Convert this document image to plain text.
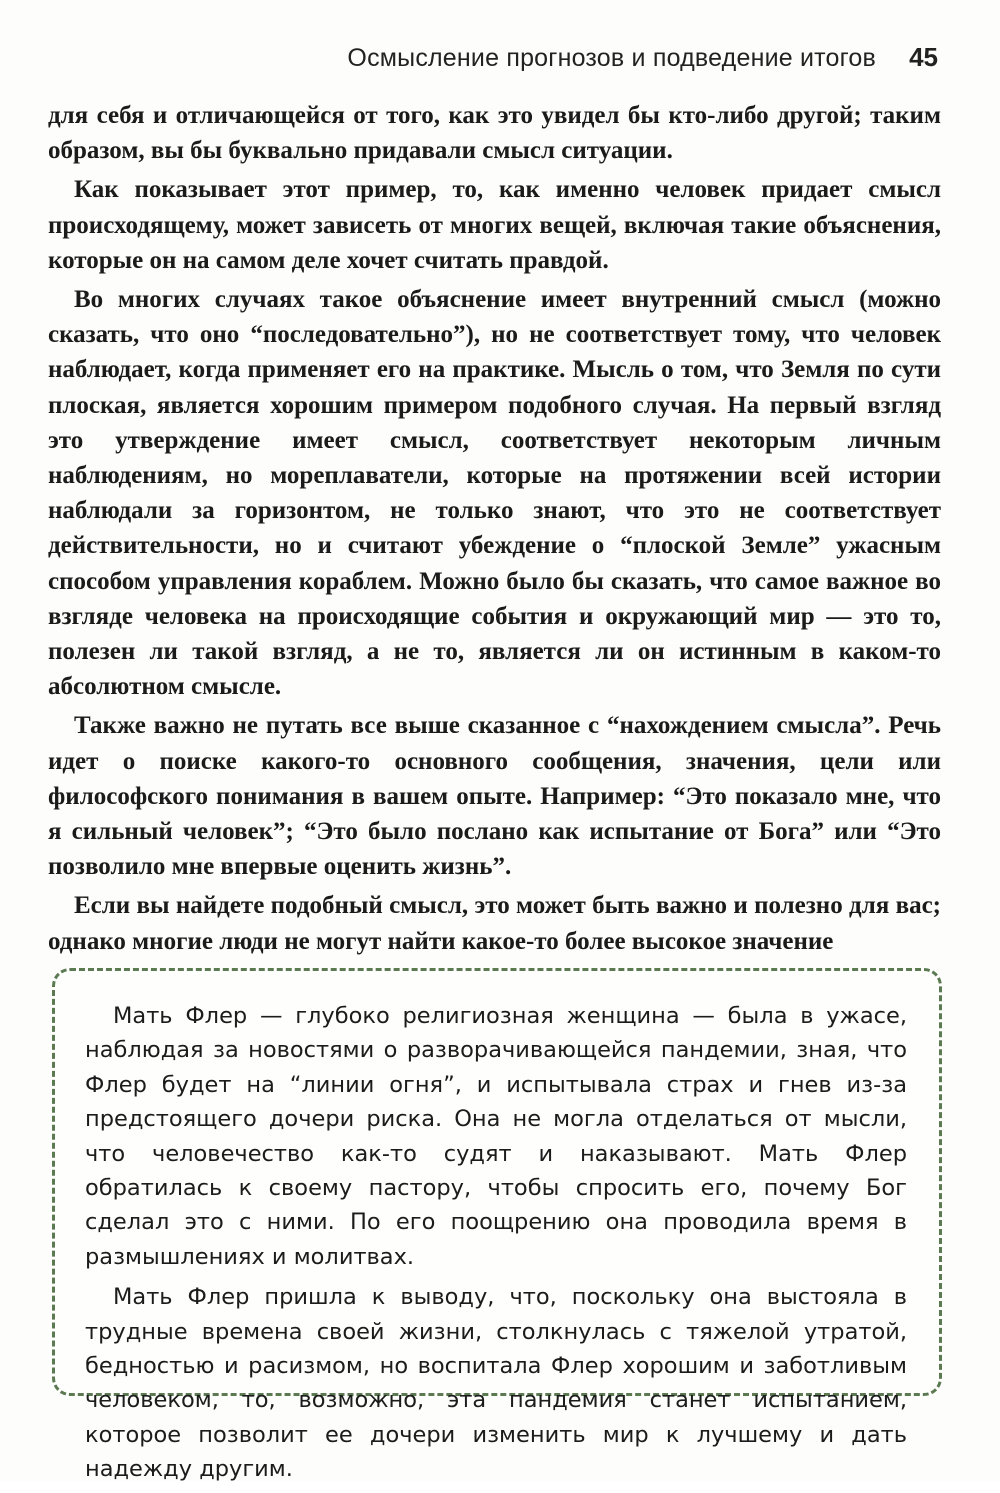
Осмысление прогнозов и подведение итогов 45

для себя и отличающейся от того, как это увидел бы кто-либо другой; таким образом, вы бы буквально придавали смысл ситуации.

Как показывает этот пример, то, как именно человек придает смысл происходящему, может зависеть от многих вещей, включая такие объяснения, которые он на самом деле хочет считать правдой.

Во многих случаях такое объяснение имеет внутренний смысл (можно сказать, что оно “последовательно”), но не соответствует тому, что человек наблюдает, когда применяет его на практике. Мысль о том, что Земля по сути плоская, является хорошим примером подобного случая. На первый взгляд это утверждение имеет смысл, соответствует некоторым личным наблюдениям, но мореплаватели, которые на протяжении всей истории наблюдали за горизонтом, не только знают, что это не соответствует действительности, но и считают убеждение о “плоской Земле” ужасным способом управления кораблем. Можно было бы сказать, что самое важное во взгляде человека на происходящие события и окружающий мир — это то, полезен ли такой взгляд, а не то, является ли он истинным в каком-то абсолютном смысле.

Также важно не путать все выше сказанное с “нахождением смысла”. Речь идет о поиске какого-то основного сообщения, значения, цели или философского понимания в вашем опыте. Например: “Это показало мне, что я сильный человек”; “Это было послано как испытание от Бога” или “Это позволило мне впервые оценить жизнь”.

Если вы найдете подобный смысл, это может быть важно и полезно для вас; однако многие люди не могут найти какое-то более высокое значение

Мать Флер — глубоко религиозная женщина — была в ужасе, наблюдая за новостями о разворачивающейся пандемии, зная, что Флер будет на “линии огня”, и испытывала страх и гнев из-за предстоящего дочери риска. Она не могла отделаться от мысли, что человечество как-то судят и наказывают. Мать Флер обратилась к своему пастору, чтобы спросить его, почему Бог сделал это с ними. По его поощрению она проводила время в размышлениях и молитвах.

Мать Флер пришла к выводу, что, поскольку она выстояла в трудные времена своей жизни, столкнулась с тяжелой утратой, бедностью и расизмом, но воспитала Флер хорошим и заботливым человеком, то, возможно, эта пандемия станет испытанием, которое позволит ее дочери изменить мир к лучшему и дать надежду другим.
